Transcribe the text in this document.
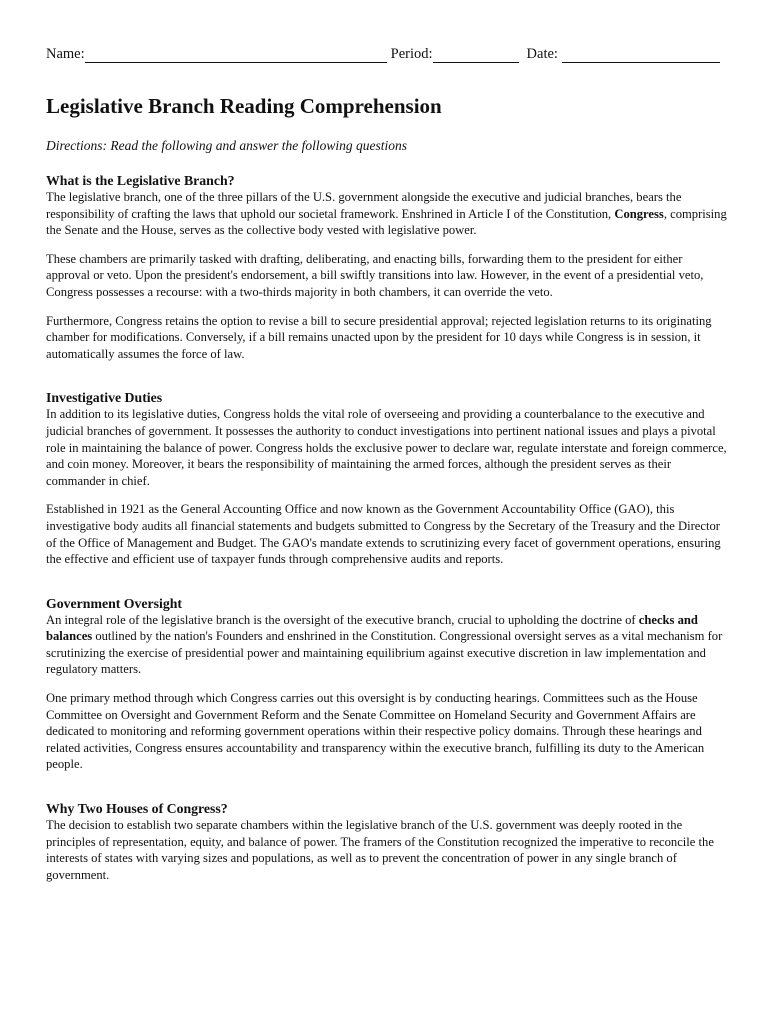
Name:	Period:	Date:

Legislative Branch Reading Comprehension

Directions: Read the following and answer the following questions

What is the Legislative Branch?

The legislative branch, one of the three pillars of the U.S. government alongside the executive and judicial branches, bears the responsibility of crafting the laws that uphold our societal framework. Enshrined in Article I of the Constitution, Congress, comprising the Senate and the House, serves as the collective body vested with legislative power.

These chambers are primarily tasked with drafting, deliberating, and enacting bills, forwarding them to the president for either approval or veto. Upon the president's endorsement, a bill swiftly transitions into law. However, in the event of a presidential veto, Congress possesses a recourse: with a two-thirds majority in both chambers, it can override the veto.

Furthermore, Congress retains the option to revise a bill to secure presidential approval; rejected legislation returns to its originating chamber for modifications. Conversely, if a bill remains unacted upon by the president for 10 days while Congress is in session, it automatically assumes the force of law.

Investigative Duties

In addition to its legislative duties, Congress holds the vital role of overseeing and providing a counterbalance to the executive and judicial branches of government. It possesses the authority to conduct investigations into pertinent national issues and plays a pivotal role in maintaining the balance of power. Congress holds the exclusive power to declare war, regulate interstate and foreign commerce, and coin money. Moreover, it bears the responsibility of maintaining the armed forces, although the president serves as their commander in chief.

Established in 1921 as the General Accounting Office and now known as the Government Accountability Office (GAO), this investigative body audits all financial statements and budgets submitted to Congress by the Secretary of the Treasury and the Director of the Office of Management and Budget. The GAO's mandate extends to scrutinizing every facet of government operations, ensuring the effective and efficient use of taxpayer funds through comprehensive audits and reports.

Government Oversight

An integral role of the legislative branch is the oversight of the executive branch, crucial to upholding the doctrine of checks and balances outlined by the nation's Founders and enshrined in the Constitution. Congressional oversight serves as a vital mechanism for scrutinizing the exercise of presidential power and maintaining equilibrium against executive discretion in law implementation and regulatory matters.

One primary method through which Congress carries out this oversight is by conducting hearings. Committees such as the House Committee on Oversight and Government Reform and the Senate Committee on Homeland Security and Government Affairs are dedicated to monitoring and reforming government operations within their respective policy domains. Through these hearings and related activities, Congress ensures accountability and transparency within the executive branch, fulfilling its duty to the American people.

Why Two Houses of Congress?

The decision to establish two separate chambers within the legislative branch of the U.S. government was deeply rooted in the principles of representation, equity, and balance of power. The framers of the Constitution recognized the imperative to reconcile the interests of states with varying sizes and populations, as well as to prevent the concentration of power in any single branch of government.
